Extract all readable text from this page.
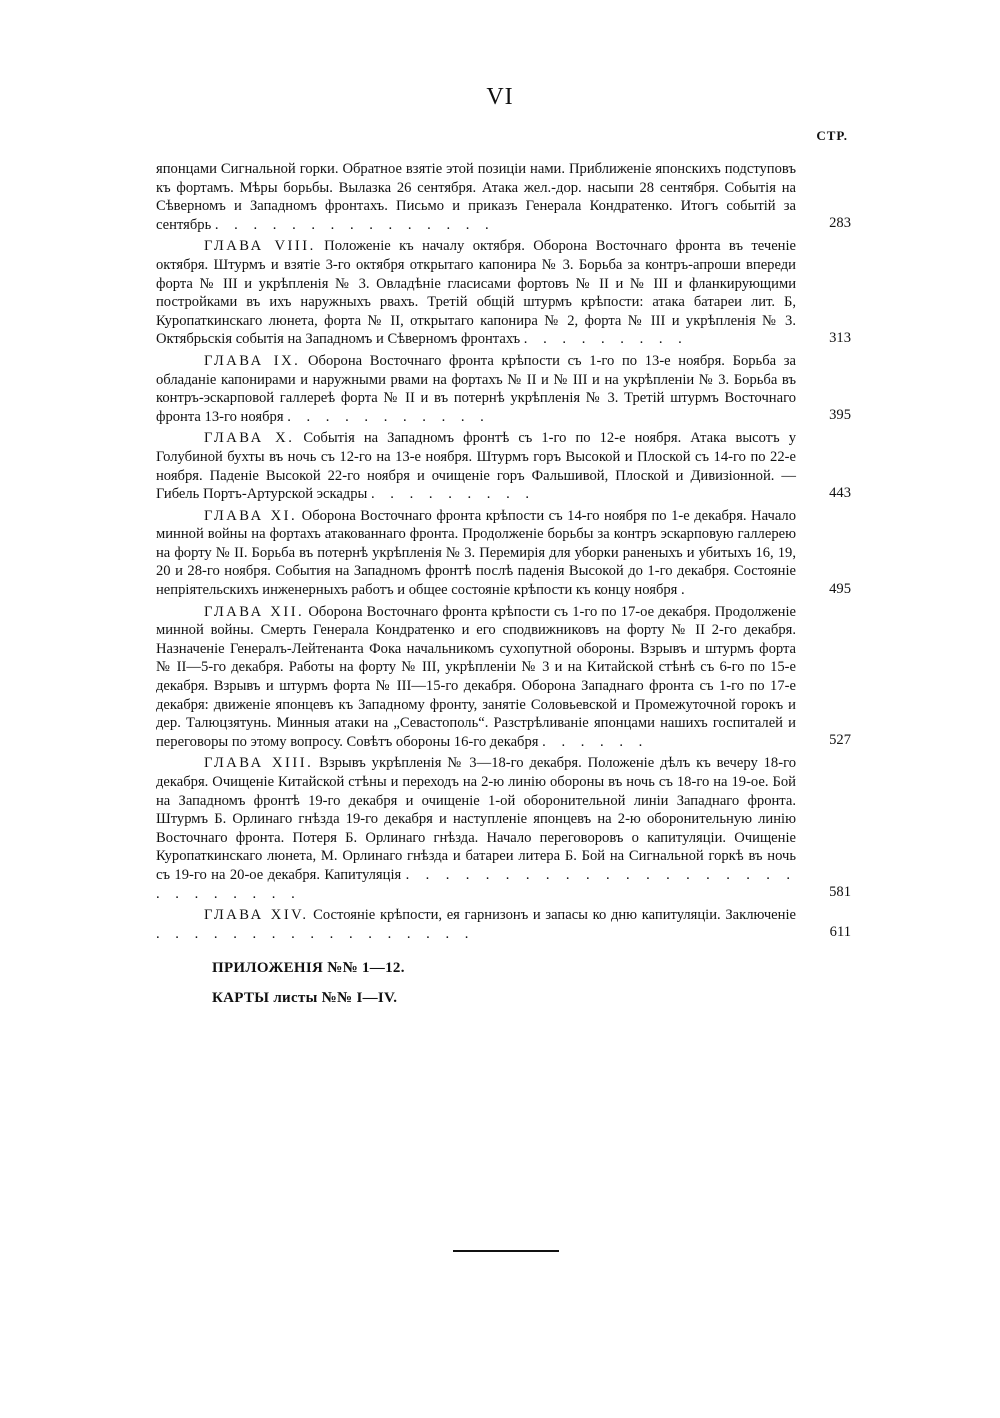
VI
СТР.
японцами Сигнальной горки. Обратное взятіе этой позиціи нами. Приближеніе японскихъ подступовъ къ фортамъ. Мѣры борьбы. Вылазка 26 сентября. Атака жел.-дор. насыпи 28 сентября. Событія на Сѣверномъ и Западномъ фронтахъ. Письмо и приказъ Генерала Кондратенко. Итогъ событій за сентябрь . . . . . . . . . . . . . . .	283
ГЛАВА VIII. Положеніе къ началу октября. Оборона Восточнаго фронта въ теченіе октября. Штурмъ и взятіе 3-го октября открытаго капонира № 3. Борьба за контръ-апроши впереди форта № III и укрѣпленія № 3. Овладѣніе гласисами фортовъ № II и № III и фланкирующими постройками въ ихъ наружныхъ рвахъ. Третій общій штурмъ крѣпости: атака батареи лит. Б, Куропаткинскаго люнета, форта № II, открытаго капонира № 2, форта № III и укрѣпленія № 3. Октябрьскія событія на Западномъ и Сѣверномъ фронтахъ . . . . . . . . .	313
ГЛАВА IX. Оборона Восточнаго фронта крѣпости съ 1-го по 13-е ноября. Борьба за обладаніе капонирами и наружными рвами на фортахъ № II и № III и на укрѣпленіи № 3. Борьба въ контръ-эскарповой галлереѣ форта № II и въ потернѣ укрѣпленія № 3. Третій штурмъ Восточнаго фронта 13-го ноября . . . . . . . . . . .	395
ГЛАВА X. Событія на Западномъ фронтѣ съ 1-го по 12-е ноября. Атака высотъ у Голубиной бухты въ ночь съ 12-го на 13-е ноября. Штурмъ горъ Высокой и Плоской съ 14-го по 22-е ноября. Паденіе Высокой 22-го ноября и очищеніе горъ Фальшивой, Плоской и Дивизіонной. — Гибель Портъ-Артурской эскадры . . . . . . . . .	443
ГЛАВА XI. Оборона Восточнаго фронта крѣпости съ 14-го ноября по 1-е декабря. Начало минной войны на фортахъ атакованнаго фронта. Продолженіе борьбы за контръ эскарповую галлерею на форту № II. Борьба въ потернѣ укрѣпленія № 3. Перемирія для уборки раненыхъ и убитыхъ 16, 19, 20 и 28-го ноября. События на Западномъ фронтѣ послѣ паденія Высокой до 1-го декабря. Состояніе непріятельскихъ инженерныхъ работъ и общее состояніе крѣпости къ концу ноября .	495
ГЛАВА XII. Оборона Восточнаго фронта крѣпости съ 1-го по 17-ое декабря. Продолженіе минной войны. Смерть Генерала Кондратенко и его сподвижниковъ на форту № II 2-го декабря. Назначеніе Генералъ-Лейтенанта Фока начальникомъ сухопутной обороны. Взрывъ и штурмъ форта № II—5-го декабря. Работы на форту № III, укрѣпленіи № 3 и на Китайской стѣнѣ съ 6-го по 15-е декабря. Взрывъ и штурмъ форта № III—15-го декабря. Оборона Западнаго фронта съ 1-го по 17-е декабря: движеніе японцевъ къ Западному фронту, занятіе Соловьевской и Промежуточной горокъ и дер. Талюцзятунь. Минныя атаки на „Севастополь“. Разстрѣливаніе японцами нашихъ госпиталей и переговоры по этому вопросу. Совѣтъ обороны 16-го декабря . . . . . .	527
ГЛАВА XIII. Взрывъ укрѣпленія № 3—18-го декабря. Положеніе дѣлъ къ вечеру 18-го декабря. Очищеніе Китайской стѣны и переходъ на 2-ю линію обороны въ ночь съ 18-го на 19-ое. Бой на Западномъ фронтѣ 19-го декабря и очищеніе 1-ой оборонительной линіи Западнаго фронта. Штурмъ Б. Орлинаго гнѣзда 19-го декабря и наступленіе японцевъ на 2-ю оборонительную линію Восточнаго фронта. Потеря Б. Орлинаго гнѣзда. Начало переговоровъ о капитуляціи. Очищеніе Куропаткинскаго люнета, М. Орлинаго гнѣзда и батареи литера Б. Бой на Сигнальной горкѣ въ ночь съ 19-го на 20-ое декабря. Капитуляція . . . . . . . . . . . . . . . . . . . . . . . . . . . .	581
ГЛАВА XIV. Состояніе крѣпости, ея гарнизонъ и запасы ко дню капитуляціи. Заключеніе . . . . . . . . . . . . . . . . .	611
ПРИЛОЖЕНІЯ №№ 1—12.
КАРТЫ листы №№ I—IV.
